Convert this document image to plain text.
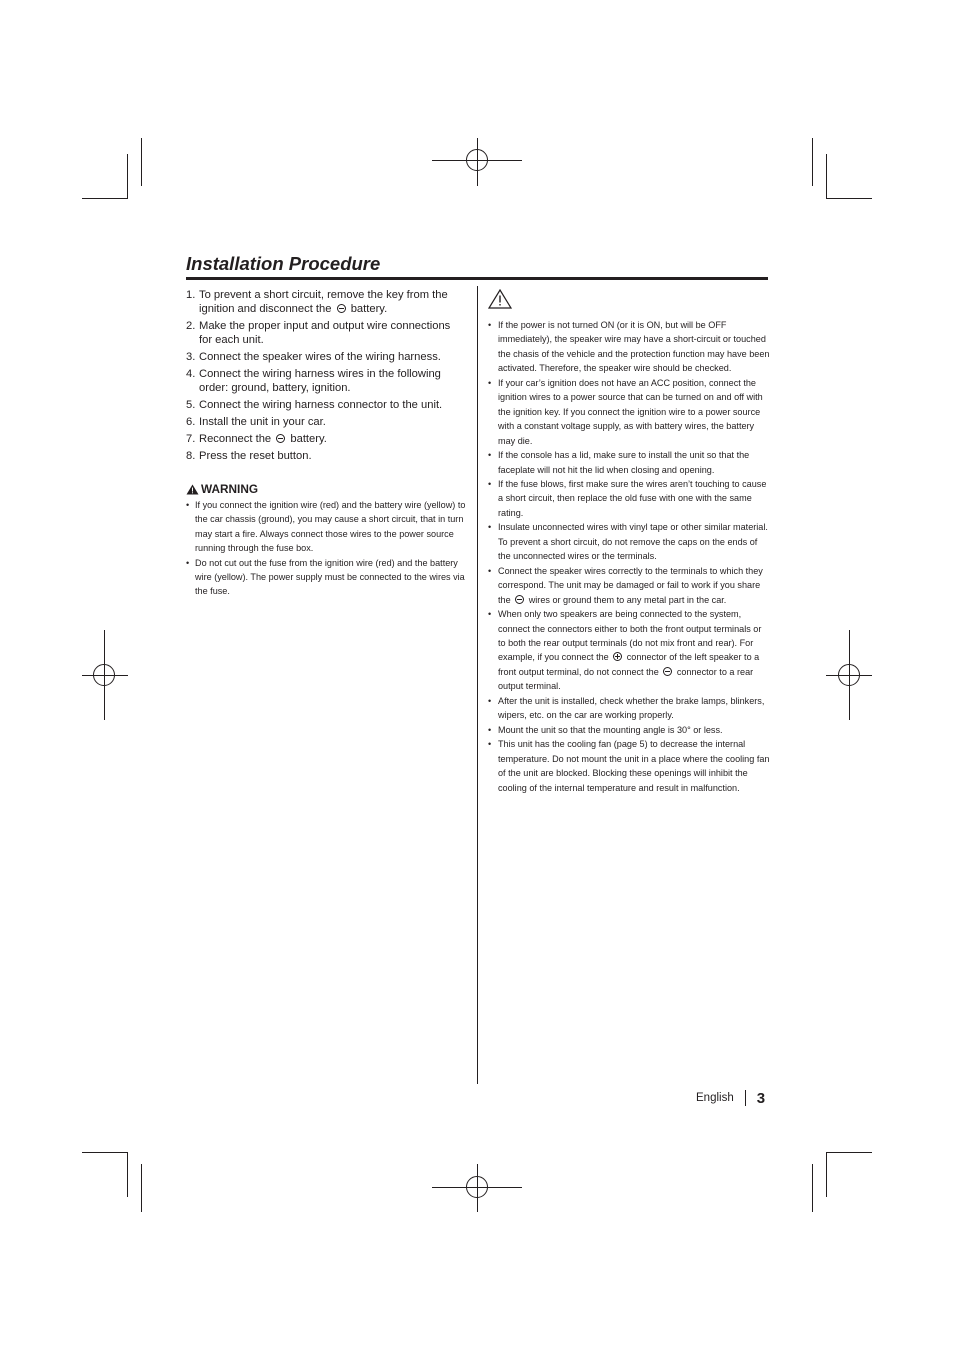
Installation Procedure
1. To prevent a short circuit, remove the key from the ignition and disconnect the  battery.
2. Make the proper input and output wire connections for each unit.
3. Connect the speaker wires of the wiring harness.
4. Connect the wiring harness wires in the following order: ground, battery, ignition.
5. Connect the wiring harness connector to the unit.
6. Install the unit in your car.
7. Reconnect the  battery.
8. Press the reset button.
WARNING
• If you connect the ignition wire (red) and the battery wire (yellow) to the car chassis (ground), you may cause a short circuit, that in turn may start a fire. Always connect those wires to the power source running through the fuse box.
• Do not cut out the fuse from the ignition wire (red) and the battery wire (yellow). The power supply must be connected to the wires via the fuse.
• If the power is not turned ON (or it is ON, but will be OFF immediately), the speaker wire may have a short-circuit or touched the chasis of the vehicle and the protection function may have been activated. Therefore, the speaker wire should be checked.
• If your car’s ignition does not have an ACC position, connect the ignition wires to a power source that can be turned on and off with the ignition key. If you connect the ignition wire to a power source with a constant voltage supply, as with battery wires, the battery may die.
• If the console has a lid, make sure to install the unit so that the faceplate will not hit the lid when closing and opening.
• If the fuse blows, first make sure the wires aren’t touching to cause a short circuit, then replace the old fuse with one with the same rating.
• Insulate unconnected wires with vinyl tape or other similar material. To prevent a short circuit, do not remove the caps on the ends of the unconnected wires or the terminals.
• Connect the speaker wires correctly to the terminals to which they correspond. The unit may be damaged or fail to work if you share the  wires or ground them to any metal part in the car.
• When only two speakers are being connected to the system, connect the connectors either to both the front output terminals or to both the rear output terminals (do not mix front and rear). For example, if you connect the  connector of the left speaker to a front output terminal, do not connect the  connector to a rear output terminal.
• After the unit is installed, check whether the brake lamps, blinkers, wipers, etc. on the car are working properly.
• Mount the unit so that the mounting angle is 30° or less.
• This unit has the cooling fan (page 5) to decrease the internal temperature. Do not mount the unit in a place where the cooling fan of the unit are blocked. Blocking these openings will inhibit the cooling of the internal temperature and result in malfunction.
English 3
